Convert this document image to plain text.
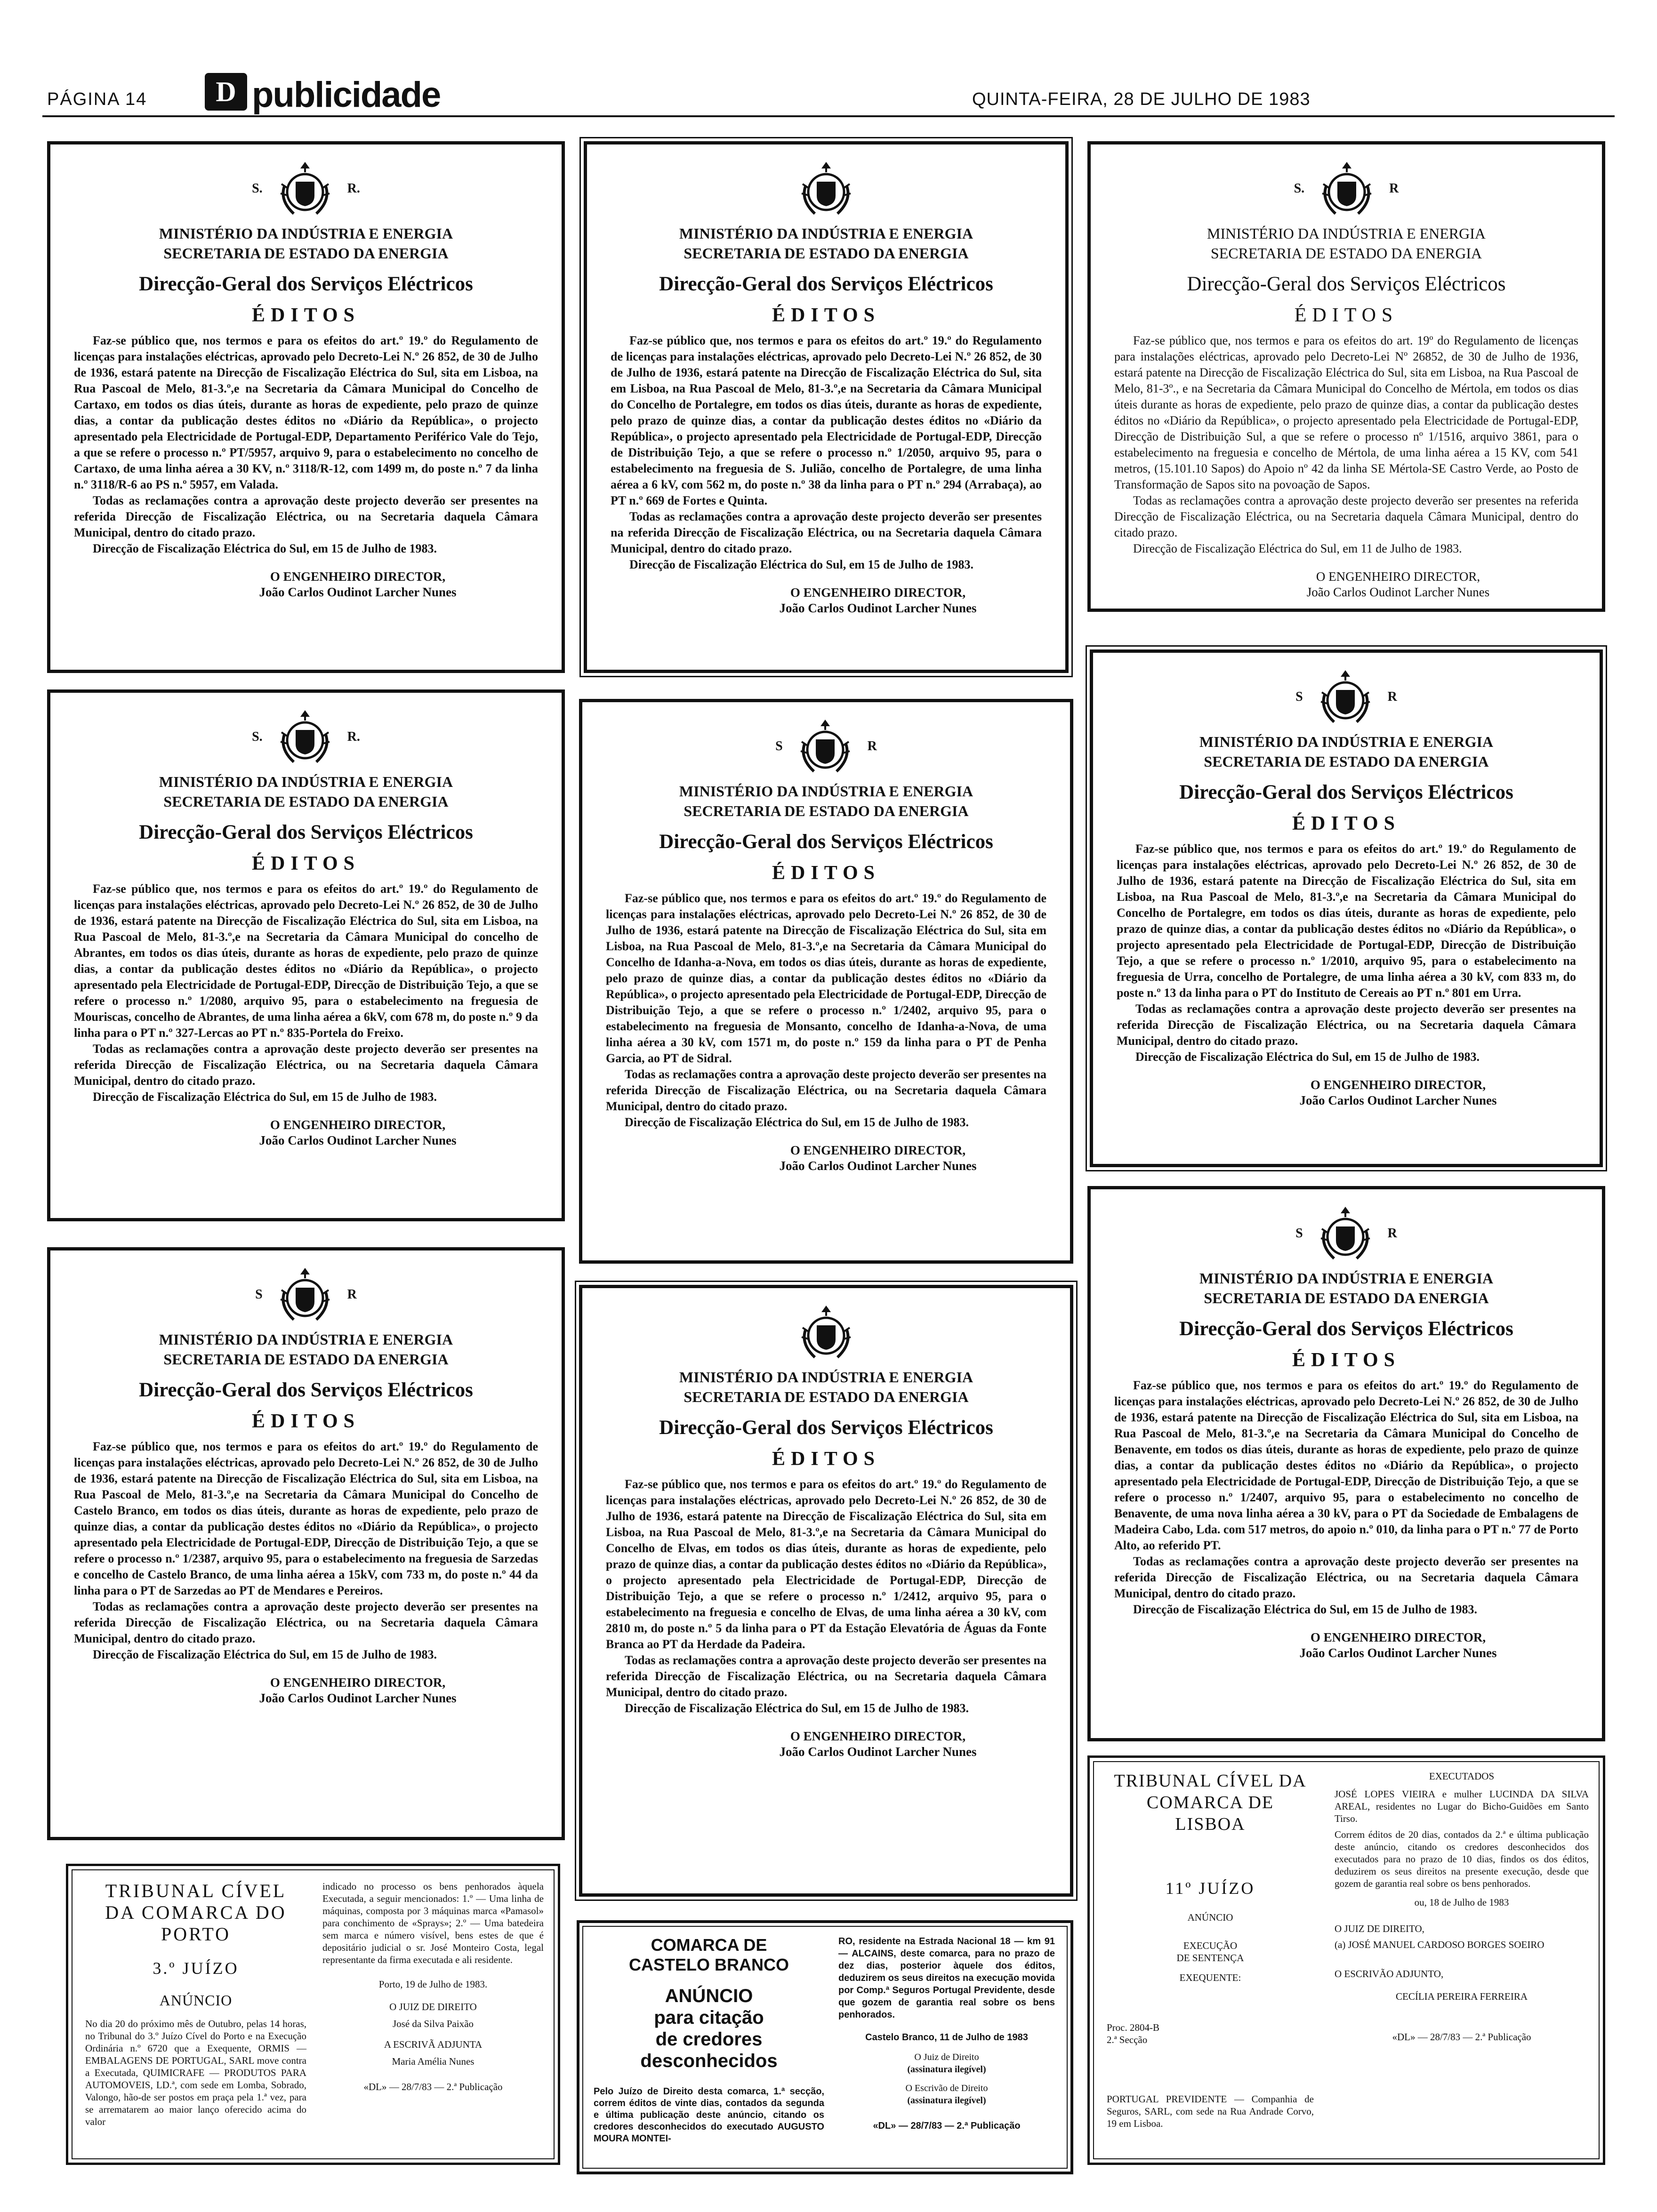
PÁGINA 14	D publicidade	QUINTA-FEIRA, 28 DE JULHO DE 1983
S.	R.
MINISTÉRIO DA INDÚSTRIA E ENERGIA
SECRETARIA DE ESTADO DA ENERGIA
Direcção-Geral dos Serviços Eléctricos
ÉDITOS

Faz-se público que, nos termos e para os efeitos do art.º 19.º do Regulamento de licenças para instalações eléctricas, aprovado pelo Decreto-Lei N.º 26 852, de 30 de Julho de 1936, estará patente na Direcção de Fiscalização Eléctrica do Sul, sita em Lisboa, na Rua Pascoal de Melo, 81-3.º,e na Secretaria da Câmara Municipal do Concelho de Cartaxo, em todos os dias úteis, durante as horas de expediente, pelo prazo de quinze dias, a contar da publicação destes éditos no «Diário da República», o projecto apresentado pela Electricidade de Portugal-EDP, Departamento Periférico Vale do Tejo, a que se refere o processo n.º PT/5957, arquivo 9, para o estabelecimento no concelho de Cartaxo, de uma linha aérea a 30 KV, n.º 3118/R-12, com 1499 m, do poste n.º 7 da linha n.º 3118/R-6 ao PS n.º 5957, em Valada.

Todas as reclamações contra a aprovação deste projecto deverão ser presentes na referida Direcção de Fiscalização Eléctrica, ou na Secretaria daquela Câmara Municipal, dentro do citado prazo.

Direcção de Fiscalização Eléctrica do Sul, em 15 de Julho de 1983.

O ENGENHEIRO DIRECTOR,
João Carlos Oudinot Larcher Nunes
MINISTÉRIO DA INDÚSTRIA E ENERGIA
SECRETARIA DE ESTADO DA ENERGIA
Direcção-Geral dos Serviços Eléctricos
ÉDITOS

Faz-se público que, nos termos e para os efeitos do art.º 19.º do Regulamento de licenças para instalações eléctricas, aprovado pelo Decreto-Lei N.º 26 852, de 30 de Julho de 1936, estará patente na Direcção de Fiscalização Eléctrica do Sul, sita em Lisboa, na Rua Pascoal de Melo, 81-3.º,e na Secretaria da Câmara Municipal do Concelho de Portalegre, em todos os dias úteis, durante as horas de expediente, pelo prazo de quinze dias, a contar da publicação destes éditos no «Diário da República», o projecto apresentado pela Electricidade de Portugal-EDP, Direcção de Distribuição Tejo, a que se refere o processo n.º 1/2050, arquivo 95, para o estabelecimento na freguesia de S. Julião, concelho de Portalegre, de uma linha aérea a 6 kV, com 562 m, do poste n.º 38 da linha para o PT n.º 294 (Arrabaça), ao PT n.º 669 de Fortes e Quinta.

Todas as reclamações contra a aprovação deste projecto deverão ser presentes na referida Direcção de Fiscalização Eléctrica, ou na Secretaria daquela Câmara Municipal, dentro do citado prazo.

Direcção de Fiscalização Eléctrica do Sul, em 15 de Julho de 1983.

O ENGENHEIRO DIRECTOR,
João Carlos Oudinot Larcher Nunes
S.	R
MINISTÉRIO DA INDÚSTRIA E ENERGIA
SECRETARIA DE ESTADO DA ENERGIA
Direcção-Geral dos Serviços Eléctricos
ÉDITOS

Faz-se público que, nos termos e para os efeitos do art. 19º do Regulamento de licenças para instalações eléctricas, aprovado pelo Decreto-Lei Nº 26852, de 30 de Julho de 1936, estará patente na Direcção de Fiscalização Eléctrica do Sul, sita em Lisboa, na Rua Pascoal de Melo, 81-3º., e na Secretaria da Câmara Municipal do Concelho de Mértola, em todos os dias úteis durante as horas de expediente, pelo prazo de quinze dias, a contar da publicação destes éditos no «Diário da República», o projecto apresentado pela Electricidade de Portugal-EDP, Direcção de Distribuição Sul, a que se refere o processo nº 1/1516, arquivo 3861, para o estabelecimento na freguesia e concelho de Mértola, de uma linha aérea a 15 KV, com 541 metros, (15.101.10 Sapos) do Apoio nº 42 da linha SE Mértola-SE Castro Verde, ao Posto de Transformação de Sapos sito na povoação de Sapos.

Todas as reclamações contra a aprovação deste projecto deverão ser presentes na referida Direcção de Fiscalização Eléctrica, ou na Secretaria daquela Câmara Municipal, dentro do citado prazo.

Direcção de Fiscalização Eléctrica do Sul, em 11 de Julho de 1983.

O ENGENHEIRO DIRECTOR,
João Carlos Oudinot Larcher Nunes
S.	R.
MINISTÉRIO DA INDÚSTRIA E ENERGIA
SECRETARIA DE ESTADO DA ENERGIA
Direcção-Geral dos Serviços Eléctricos
ÉDITOS

Faz-se público que, nos termos e para os efeitos do art.º 19.º do Regulamento de licenças para instalações eléctricas, aprovado pelo Decreto-Lei N.º 26 852, de 30 de Julho de 1936, estará patente na Direcção de Fiscalização Eléctrica do Sul, sita em Lisboa, na Rua Pascoal de Melo, 81-3.º,e na Secretaria da Câmara Municipal do concelho de Abrantes, em todos os dias úteis, durante as horas de expediente, pelo prazo de quinze dias, a contar da publicação destes éditos no «Diário da República», o projecto apresentado pela Electricidade de Portugal-EDP, Direcção de Distribuição Tejo, a que se refere o processo n.º 1/2080, arquivo 95, para o estabelecimento na freguesia de Mouriscas, concelho de Abrantes, de uma linha aérea a 6kV, com 678 m, do poste n.º 9 da linha para o PT n.º 327-Lercas ao PT n.º 835-Portela do Freixo.

Todas as reclamações contra a aprovação deste projecto deverão ser presentes na referida Direcção de Fiscalização Eléctrica, ou na Secretaria daquela Câmara Municipal, dentro do citado prazo.

Direcção de Fiscalização Eléctrica do Sul, em 15 de Julho de 1983.

O ENGENHEIRO DIRECTOR,
João Carlos Oudinot Larcher Nunes
S	R
MINISTÉRIO DA INDÚSTRIA E ENERGIA
SECRETARIA DE ESTADO DA ENERGIA
Direcção-Geral dos Serviços Eléctricos
ÉDITOS

Faz-se público que, nos termos e para os efeitos do art.º 19.º do Regulamento de licenças para instalações eléctricas, aprovado pelo Decreto-Lei N.º 26 852, de 30 de Julho de 1936, estará patente na Direcção de Fiscalização Eléctrica do Sul, sita em Lisboa, na Rua Pascoal de Melo, 81-3.º,e na Secretaria da Câmara Municipal do Concelho de Idanha-a-Nova, em todos os dias úteis, durante as horas de expediente, pelo prazo de quinze dias, a contar da publicação destes éditos no «Diário da República», o projecto apresentado pela Electricidade de Portugal-EDP, Direcção de Distribuição Tejo, a que se refere o processo n.º 1/2402, arquivo 95, para o estabelecimento na freguesia de Monsanto, concelho de Idanha-a-Nova, de uma linha aérea a 30 kV, com 1571 m, do poste n.º 159 da linha para o PT de Penha Garcia, ao PT de Sidral.

Todas as reclamações contra a aprovação deste projecto deverão ser presentes na referida Direcção de Fiscalização Eléctrica, ou na Secretaria daquela Câmara Municipal, dentro do citado prazo.

Direcção de Fiscalização Eléctrica do Sul, em 15 de Julho de 1983.

O ENGENHEIRO DIRECTOR,
João Carlos Oudinot Larcher Nunes
S	R
MINISTÉRIO DA INDÚSTRIA E ENERGIA
SECRETARIA DE ESTADO DA ENERGIA
Direcção-Geral dos Serviços Eléctricos
ÉDITOS

Faz-se público que, nos termos e para os efeitos do art.º 19.º do Regulamento de licenças para instalações eléctricas, aprovado pelo Decreto-Lei N.º 26 852, de 30 de Julho de 1936, estará patente na Direcção de Fiscalização Eléctrica do Sul, sita em Lisboa, na Rua Pascoal de Melo, 81-3.º,e na Secretaria da Câmara Municipal do Concelho de Portalegre, em todos os dias úteis, durante as horas de expediente, pelo prazo de quinze dias, a contar da publicação destes éditos no «Diário da República», o projecto apresentado pela Electricidade de Portugal-EDP, Direcção de Distribuição Tejo, a que se refere o processo n.º 1/2010, arquivo 95, para o estabelecimento na freguesia de Urra, concelho de Portalegre, de uma linha aérea a 30 kV, com 833 m, do poste n.º 13 da linha para o PT do Instituto de Cereais ao PT n.º 801 em Urra.

Todas as reclamações contra a aprovação deste projecto deverão ser presentes na referida Direcção de Fiscalização Eléctrica, ou na Secretaria daquela Câmara Municipal, dentro do citado prazo.

Direcção de Fiscalização Eléctrica do Sul, em 15 de Julho de 1983.

O ENGENHEIRO DIRECTOR,
João Carlos Oudinot Larcher Nunes
S	R
MINISTÉRIO DA INDÚSTRIA E ENERGIA
SECRETARIA DE ESTADO DA ENERGIA
Direcção-Geral dos Serviços Eléctricos
ÉDITOS

Faz-se público que, nos termos e para os efeitos do art.º 19.º do Regulamento de licenças para instalações eléctricas, aprovado pelo Decreto-Lei N.º 26 852, de 30 de Julho de 1936, estará patente na Direcção de Fiscalização Eléctrica do Sul, sita em Lisboa, na Rua Pascoal de Melo, 81-3.º,e na Secretaria da Câmara Municipal do Concelho de Castelo Branco, em todos os dias úteis, durante as horas de expediente, pelo prazo de quinze dias, a contar da publicação destes éditos no «Diário da República», o projecto apresentado pela Electricidade de Portugal-EDP, Direcção de Distribuição Tejo, a que se refere o processo n.º 1/2387, arquivo 95, para o estabelecimento na freguesia de Sarzedas e concelho de Castelo Branco, de uma linha aérea a 15kV, com 733 m, do poste n.º 44 da linha para o PT de Sarzedas ao PT de Mendares e Pereiros.

Todas as reclamações contra a aprovação deste projecto deverão ser presentes na referida Direcção de Fiscalização Eléctrica, ou na Secretaria daquela Câmara Municipal, dentro do citado prazo.

Direcção de Fiscalização Eléctrica do Sul, em 15 de Julho de 1983.

O ENGENHEIRO DIRECTOR,
João Carlos Oudinot Larcher Nunes
MINISTÉRIO DA INDÚSTRIA E ENERGIA
SECRETARIA DE ESTADO DA ENERGIA
Direcção-Geral dos Serviços Eléctricos
ÉDITOS

Faz-se público que, nos termos e para os efeitos do art.º 19.º do Regulamento de licenças para instalações eléctricas, aprovado pelo Decreto-Lei N.º 26 852, de 30 de Julho de 1936, estará patente na Direcção de Fiscalização Eléctrica do Sul, sita em Lisboa, na Rua Pascoal de Melo, 81-3.º,e na Secretaria da Câmara Municipal do Concelho de Elvas, em todos os dias úteis, durante as horas de expediente, pelo prazo de quinze dias, a contar da publicação destes éditos no «Diário da República», o projecto apresentado pela Electricidade de Portugal-EDP, Direcção de Distribuição Tejo, a que se refere o processo n.º 1/2412, arquivo 95, para o estabelecimento na freguesia e concelho de Elvas, de uma linha aérea a 30 kV, com 2810 m, do poste n.º 5 da linha para o PT da Estação Elevatória de Águas da Fonte Branca ao PT da Herdade da Padeira.

Todas as reclamações contra a aprovação deste projecto deverão ser presentes na referida Direcção de Fiscalização Eléctrica, ou na Secretaria daquela Câmara Municipal, dentro do citado prazo.

Direcção de Fiscalização Eléctrica do Sul, em 15 de Julho de 1983.

O ENGENHEIRO DIRECTOR,
João Carlos Oudinot Larcher Nunes
S	R
MINISTÉRIO DA INDÚSTRIA E ENERGIA
SECRETARIA DE ESTADO DA ENERGIA
Direcção-Geral dos Serviços Eléctricos
ÉDITOS

Faz-se público que, nos termos e para os efeitos do art.º 19.º do Regulamento de licenças para instalações eléctricas, aprovado pelo Decreto-Lei N.º 26 852, de 30 de Julho de 1936, estará patente na Direcção de Fiscalização Eléctrica do Sul, sita em Lisboa, na Rua Pascoal de Melo, 81-3.º,e na Secretaria da Câmara Municipal do Concelho de Benavente, em todos os dias úteis, durante as horas de expediente, pelo prazo de quinze dias, a contar da publicação destes éditos no «Diário da República», o projecto apresentado pela Electricidade de Portugal-EDP, Direcção de Distribuição Tejo, a que se refere o processo n.º 1/2407, arquivo 95, para o estabelecimento no concelho de Benavente, de uma nova linha aérea a 30 kV, para o PT da Sociedade de Embalagens de Madeira Cabo, Lda. com 517 metros, do apoio n.º 010, da linha para o PT n.º 77 de Porto Alto, ao referido PT.

Todas as reclamações contra a aprovação deste projecto deverão ser presentes na referida Direcção de Fiscalização Eléctrica, ou na Secretaria daquela Câmara Municipal, dentro do citado prazo.

Direcção de Fiscalização Eléctrica do Sul, em 15 de Julho de 1983.

O ENGENHEIRO DIRECTOR,
João Carlos Oudinot Larcher Nunes
TRIBUNAL CÍVEL
DA COMARCA DO
PORTO
3.º JUÍZO
ANÚNCIO

No dia 20 do próximo mês de Outubro, pelas 14 horas, no Tribunal do 3.º Juízo Cível do Porto e na Execução Ordinária n.º 6720 que a Exequente, ORMIS — EMBALAGENS DE PORTUGAL, SARL move contra a Executada, QUIMICRAFE — PRODUTOS PARA AUTOMOVEIS, LD.ª, com sede em Lomba, Sobrado, Valongo, hão-de ser postos em praça pela 1.ª vez, para se arrematarem ao maior lanço oferecido acima do valor

indicado no processo os bens penhorados àquela Executada, a seguir mencionados: 1.º — Uma linha de máquinas, composta por 3 máquinas marca «Pamasol» para conchimento de «Sprays»; 2.º — Uma batedeira sem marca e número visível, bens estes de que é depositário judicial o sr. José Monteiro Costa, legal representante da firma executada e ali residente.

Porto, 19 de Julho de 1983.

O JUIZ DE DIREITO

José da Silva Paixão

A ESCRIVÃ ADJUNTA

Maria Amélia Nunes

«DL» — 28/7/83 — 2.ª Publicação

COMARCA DE
CASTELO BRANCO
ANÚNCIO
para citação
de credores
desconhecidos

Pelo Juízo de Direito desta comarca, 1.ª secção, correm éditos de vinte dias, contados da segunda e última publicação deste anúncio, citando os credores desconhecidos do executado AUGUSTO MOURA MONTEI-

RO, residente na Estrada Nacional 18 — km 91 — ALCAINS, deste comarca, para no prazo de dez dias, posterior àquele dos éditos, deduzirem os seus direitos na execução movida por Comp.ª Seguros Portugal Previdente, desde que gozem de garantia real sobre os bens penhorados.

Castelo Branco, 11 de Julho de 1983

O Juiz de Direito

(assinatura ilegível)

O Escrivão de Direito

(assinatura ilegível)

«DL» — 28/7/83 — 2.ª Publicação

TRIBUNAL CÍVEL DA
COMARCA DE
LISBOA
11º JUÍZO

ANÚNCIO

EXECUÇÃO

DE SENTENÇA

EXEQUENTE:

Proc. 2804-B

2.ª Secção

PORTUGAL PREVIDENTE — Companhia de Seguros, SARL, com sede na Rua Andrade Corvo, 19 em Lisboa.

EXECUTADOS

JOSÉ LOPES VIEIRA e mulher LUCINDA DA SILVA AREAL, residentes no Lugar do Bicho-Guidões em Santo Tirso.

Correm éditos de 20 dias, contados da 2.ª e última publicação deste anúncio, citando os credores desconhecidos dos executados para no prazo de 10 dias, findos os dos éditos, deduzirem os seus direitos na presente execução, desde que gozem de garantia real sobre os bens penhorados.

ou, 18 de Julho de 1983

O JUIZ DE DIREITO,

(a) JOSÉ MANUEL CARDOSO BORGES SOEIRO

O ESCRIVÃO ADJUNTO,

CECÍLIA PEREIRA FERREIRA

«DL» — 28/7/83 — 2.ª Publicação
